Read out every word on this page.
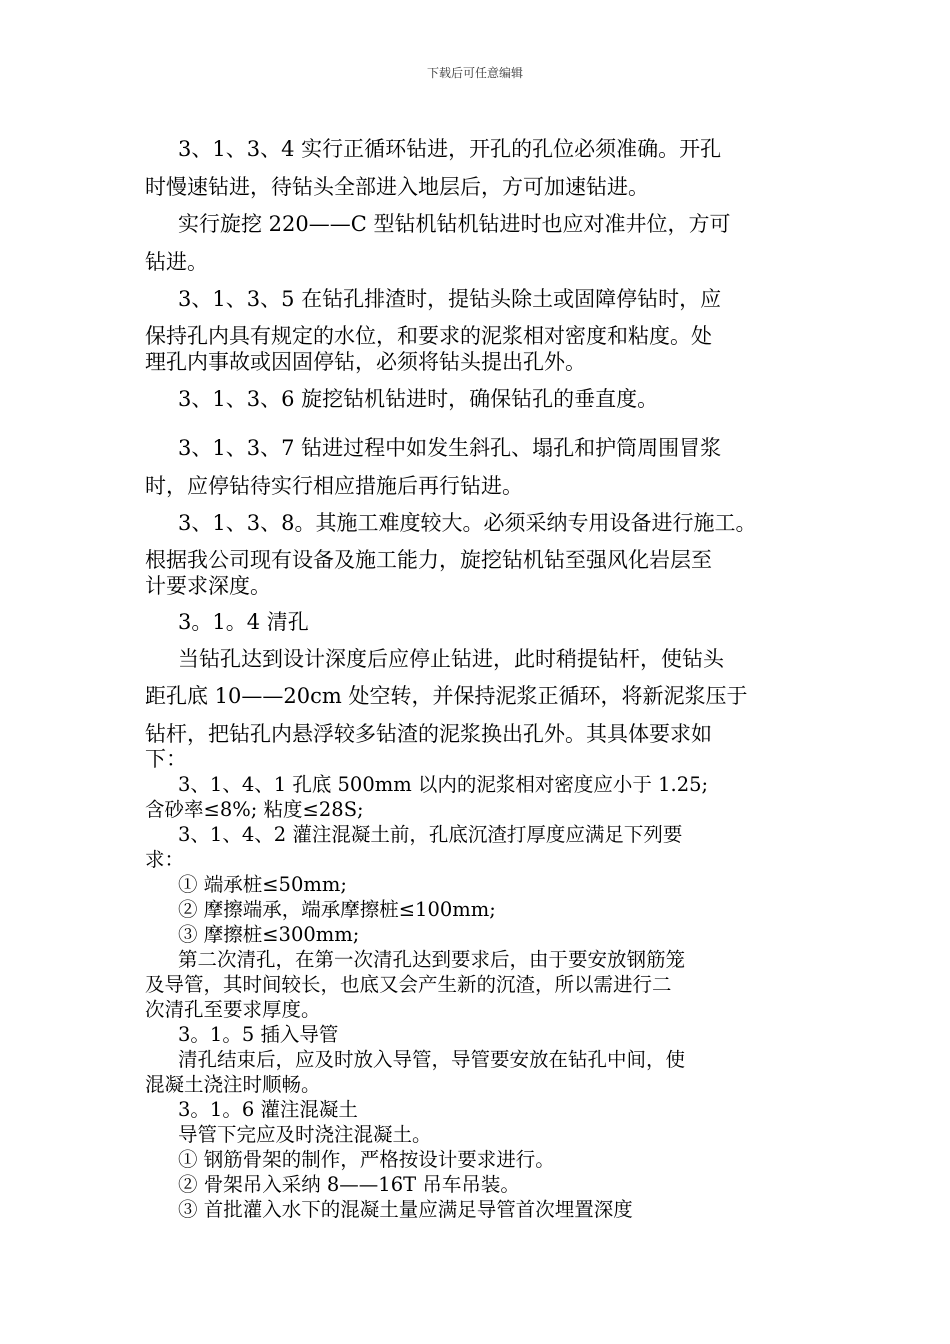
下载后可任意编辑
3、1、3、4 实行正循环钻进，开孔的孔位必须准确。开孔
时慢速钻进，待钻头全部进入地层后，方可加速钻进。
实行旋挖 220——C 型钻机钻机钻进时也应对准井位，方可
钻进。
3、1、3、5 在钻孔排渣时，提钻头除土或固障停钻时，应
保持孔内具有规定的水位，和要求的泥浆相对密度和粘度。处
理孔内事故或因固停钻，必须将钻头提出孔外。
3、1、3、6 旋挖钻机钻进时，确保钻孔的垂直度。
3、1、3、7 钻进过程中如发生斜孔、塌孔和护筒周围冒浆
时，应停钻待实行相应措施后再行钻进。
3、1、3、8。其施工难度较大。必须采纳专用设备进行施工。
根据我公司现有设备及施工能力，旋挖钻机钻至强风化岩层至
计要求深度。
3。1。4 清孔
当钻孔达到设计深度后应停止钻进，此时稍提钻杆，使钻头
距孔底 10——20cm 处空转，并保持泥浆正循环，将新泥浆压于
钻杆，把钻孔内悬浮较多钻渣的泥浆换出孔外。其具体要求如
下：
3、1、4、1 孔底 500mm 以内的泥浆相对密度应小于 1.25;
含砂率≤8%; 粘度≤28S;
3、1、4、2 灌注混凝土前，孔底沉渣打厚度应满足下列要
求：
① 端承桩≤50mm;
② 摩擦端承，端承摩擦桩≤100mm;
③ 摩擦桩≤300mm;
第二次清孔，在第一次清孔达到要求后，由于要安放钢筋笼
及导管，其时间较长，也底又会产生新的沉渣，所以需进行二
次清孔至要求厚度。
3。1。5 插入导管
清孔结束后，应及时放入导管，导管要安放在钻孔中间，使
混凝土浇注时顺畅。
3。1。6 灌注混凝土
导管下完应及时浇注混凝土。
① 钢筋骨架的制作，严格按设计要求进行。
② 骨架吊入采纳 8——16T 吊车吊装。
③ 首批灌入水下的混凝土量应满足导管首次埋置深度
